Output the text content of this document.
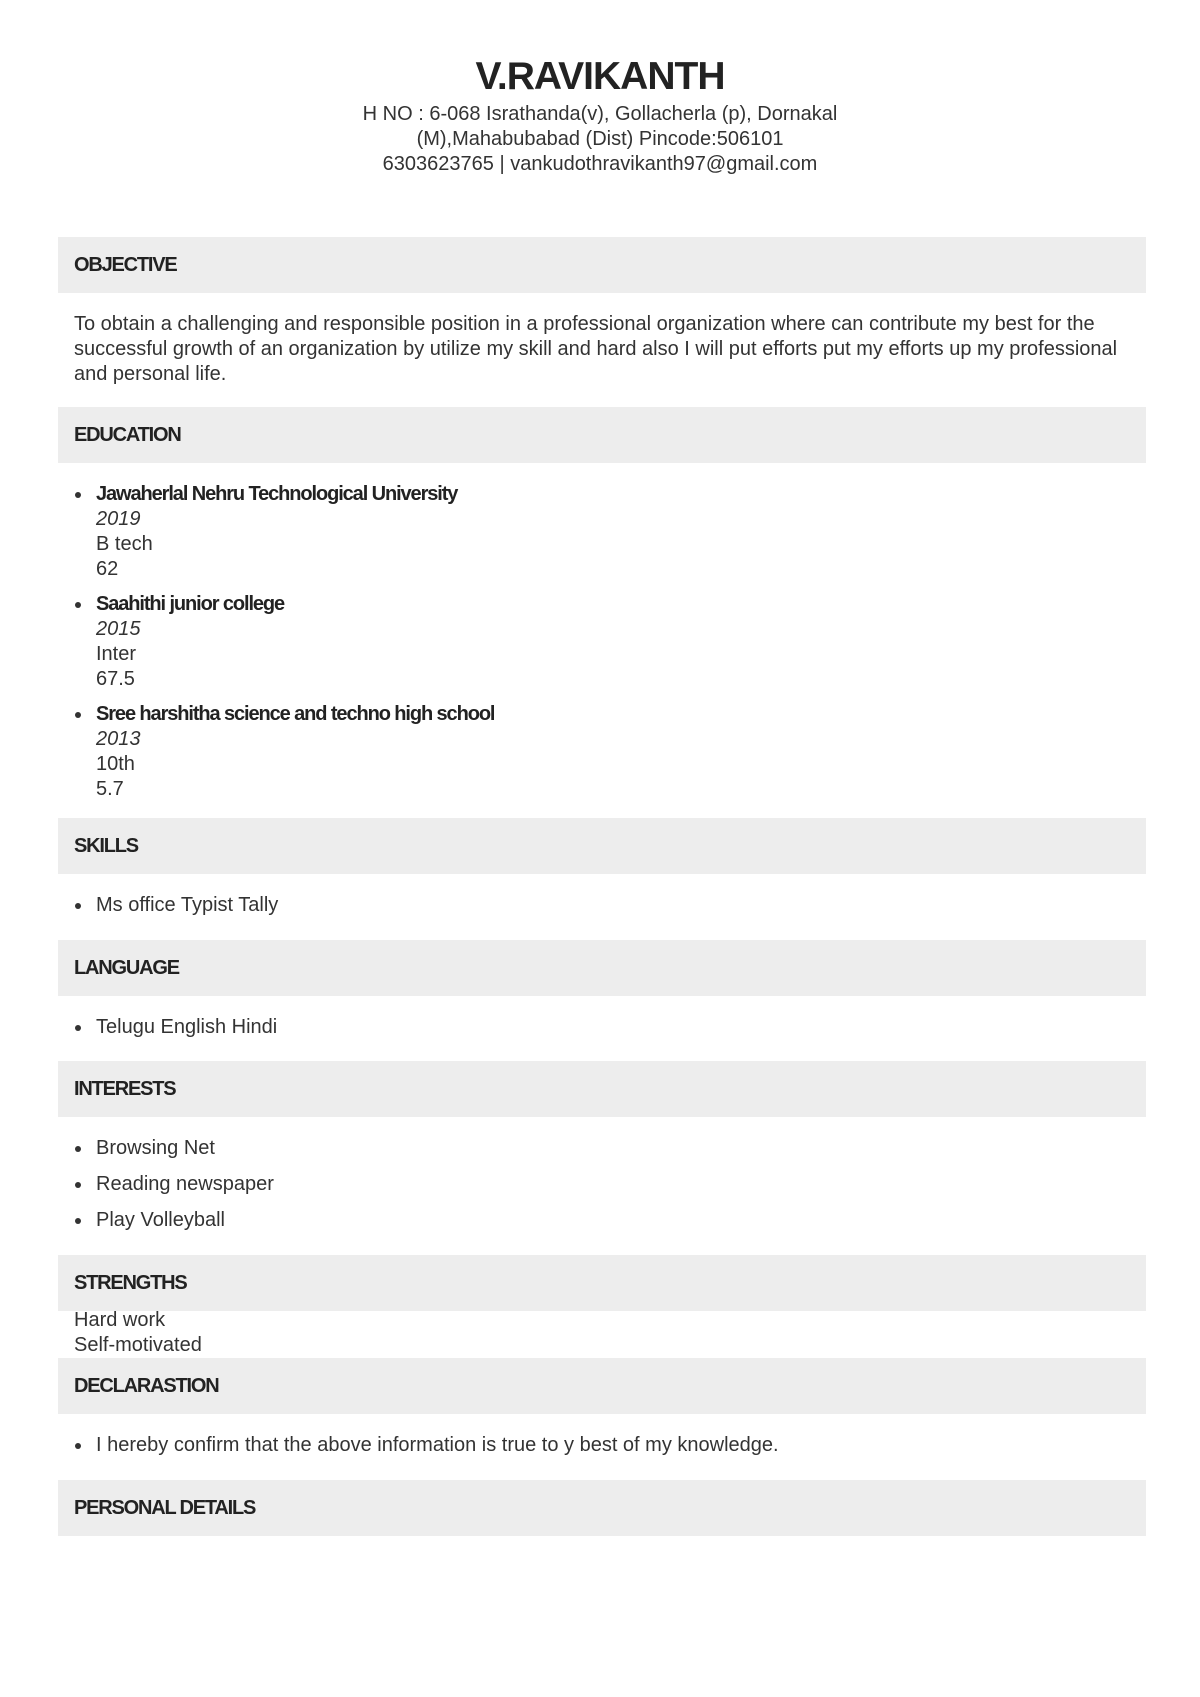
V.RAVIKANTH
H NO : 6-068 Israthanda(v), Gollacherla (p), Dornakal
(M),Mahabubabad (Dist) Pincode:506101
6303623765 | vankudothravikanth97@gmail.com
OBJECTIVE
To obtain a challenging and responsible position in a professional organization where can contribute my best for the successful growth of an organization by utilize my skill and hard also I will put efforts put my efforts up my professional and personal life.
EDUCATION
Jawaherlal Nehru Technological University
2019
B tech
62
Saahithi junior college
2015
Inter
67.5
Sree harshitha science and techno high school
2013
10th
5.7
SKILLS
Ms office Typist Tally
LANGUAGE
Telugu English Hindi
INTERESTS
Browsing Net
Reading newspaper
Play Volleyball
STRENGTHS
Hard work
Self-motivated
DECLARASTION
I hereby confirm that the above information is true to y best of my knowledge.
PERSONAL DETAILS
